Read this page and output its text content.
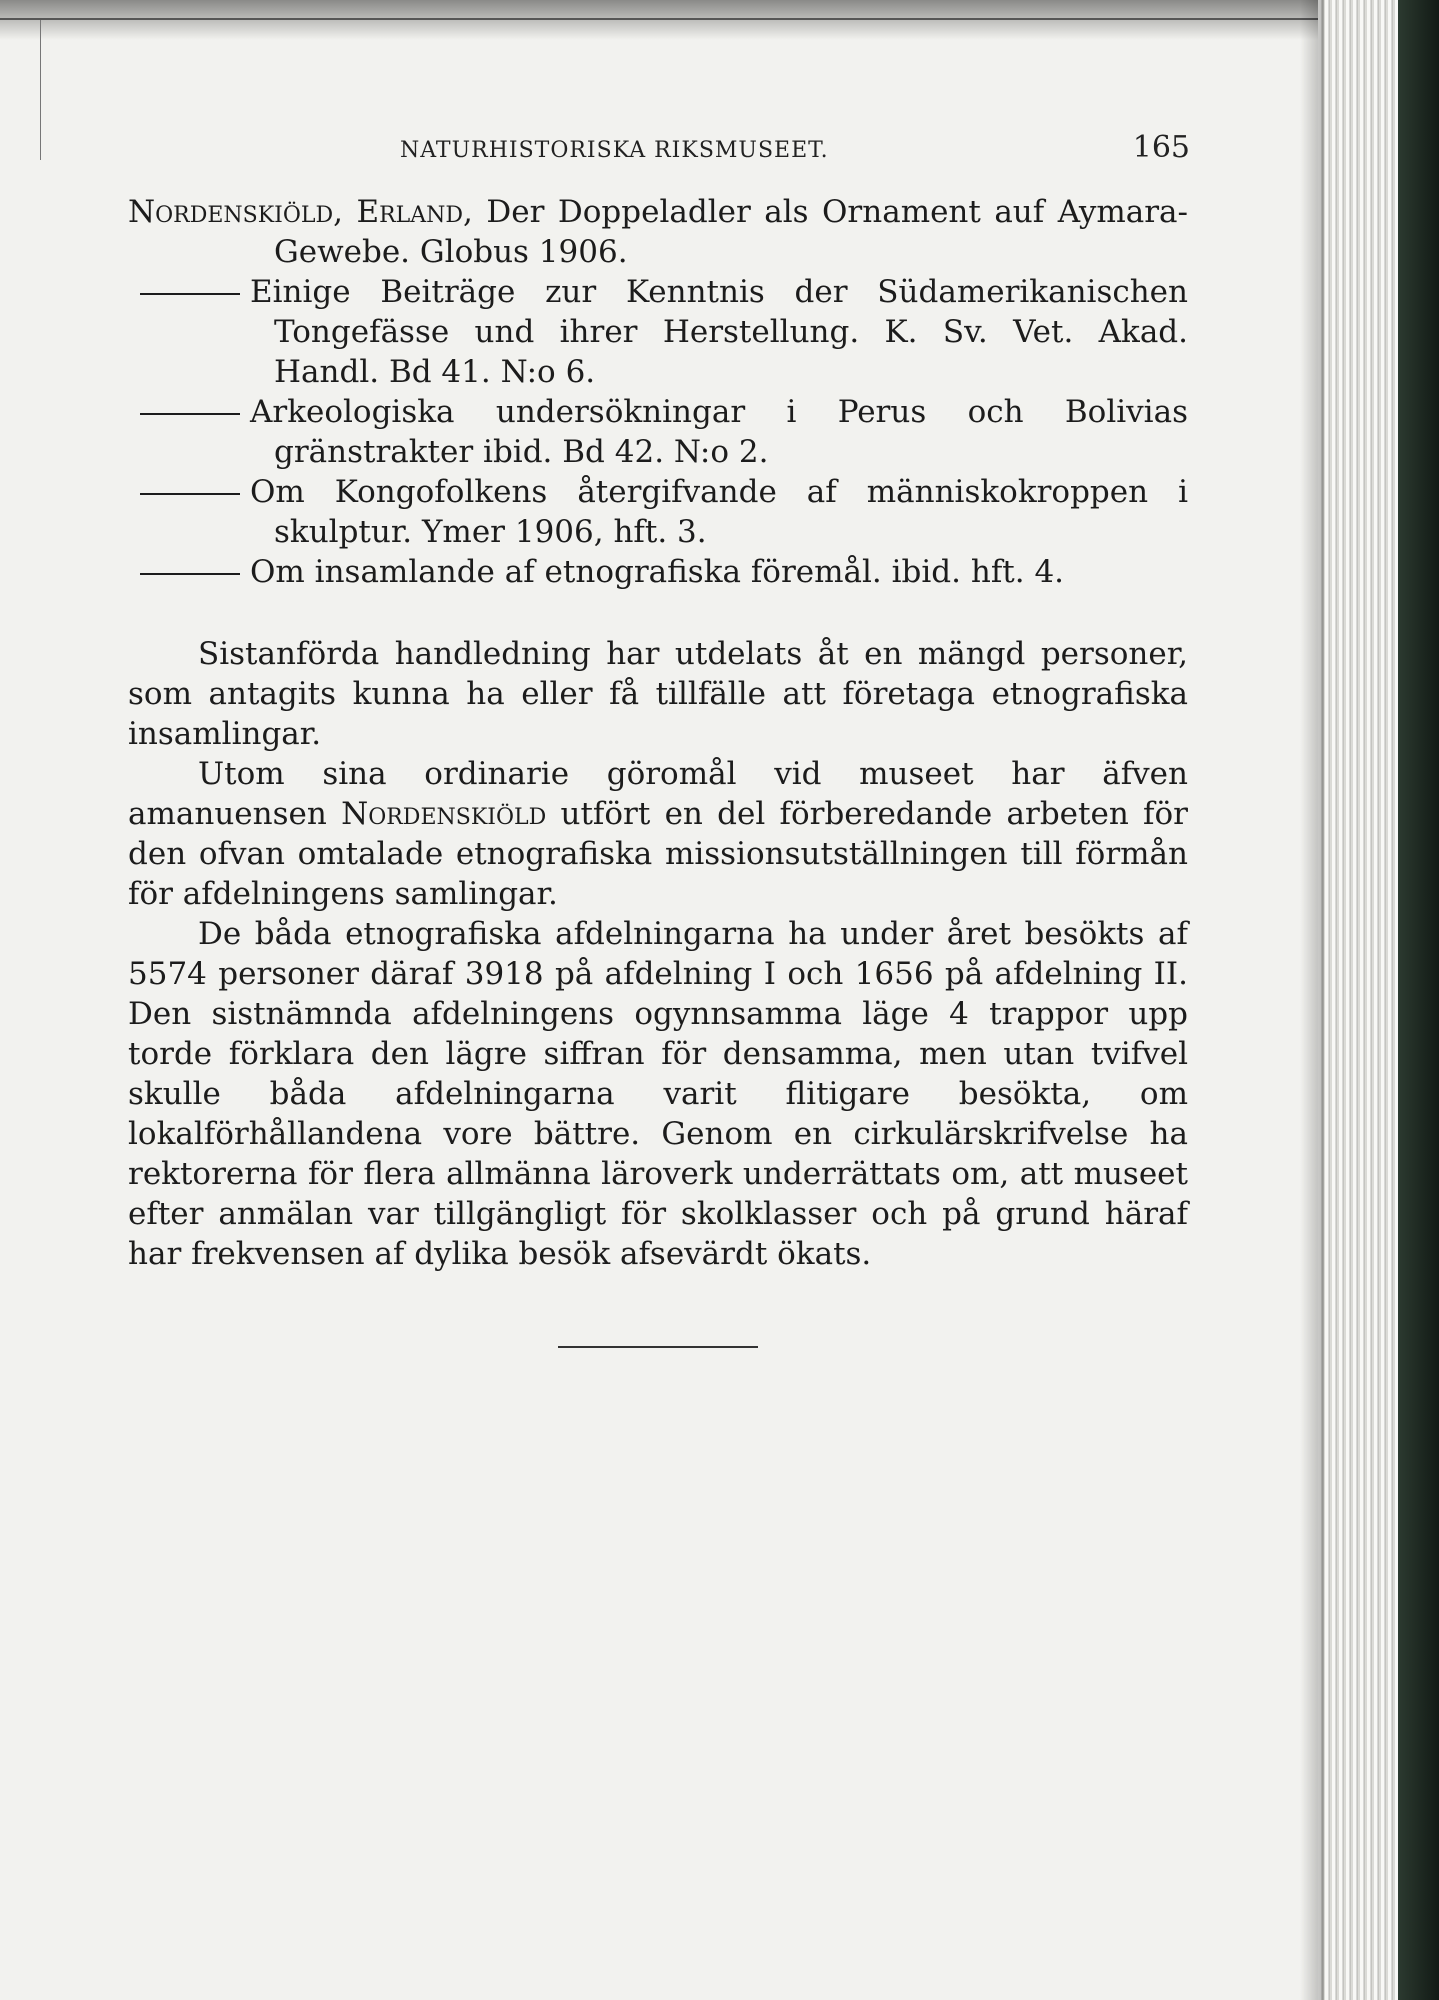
NATURHISTORISKA RIKSMUSEET.	165

Nordenskiöld, Erland, Der Doppeladler als Ornament auf Aymara-Gewebe. Globus 1906.

Einige Beiträge zur Kenntnis der Südamerikanischen Tongefässe und ihrer Herstellung. K. Sv. Vet. Akad. Handl. Bd 41. N:o 6.

Arkeologiska undersökningar i Perus och Bolivias gränstrakter ibid. Bd 42. N:o 2.

Om Kongofolkens återgifvande af människokroppen i skulptur. Ymer 1906, hft. 3.

Om insamlande af etnografiska föremål. ibid. hft. 4.

Sistanförda handledning har utdelats åt en mängd personer, som antagits kunna ha eller få tillfälle att företaga etnografiska insamlingar.

Utom sina ordinarie göromål vid museet har äfven amanuensen Nordenskiöld utfört en del förberedande arbeten för den ofvan omtalade etnografiska missionsutställningen till förmån för afdelningens samlingar.

De båda etnografiska afdelningarna ha under året besökts af 5574 personer däraf 3918 på afdelning I och 1656 på afdelning II. Den sistnämnda afdelningens ogynnsamma läge 4 trappor upp torde förklara den lägre siffran för densamma, men utan tvifvel skulle båda afdelningarna varit flitigare besökta, om lokalförhållandena vore bättre. Genom en cirkulärskrifvelse ha rektorerna för flera allmänna läroverk underrättats om, att museet efter anmälan var tillgängligt för skolklasser och på grund häraf har frekvensen af dylika besök afsevärdt ökats.
